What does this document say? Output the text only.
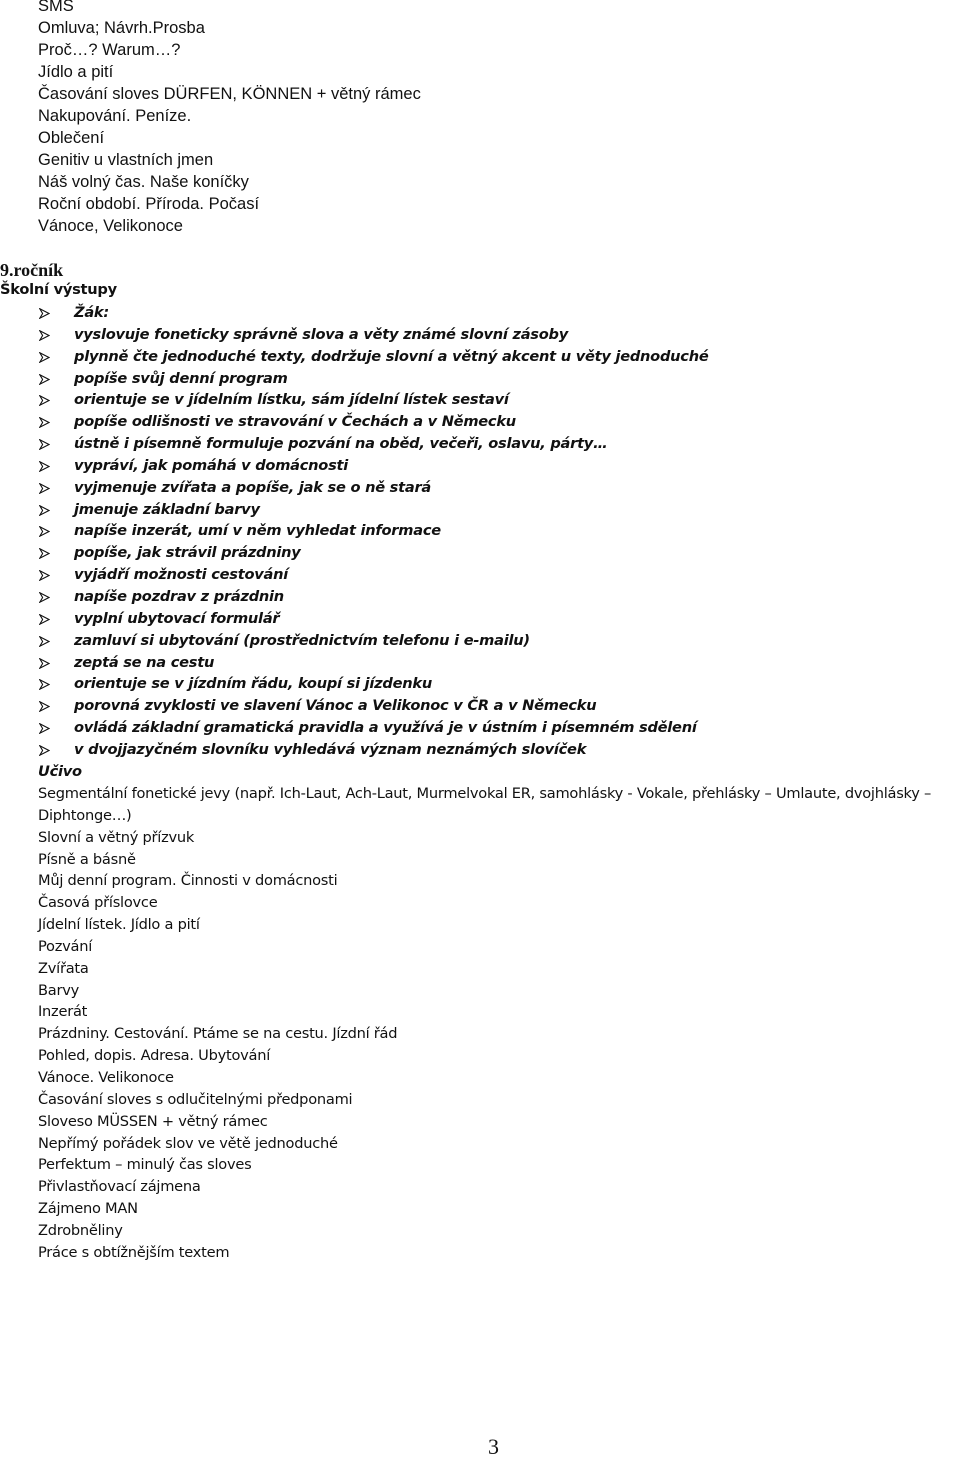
SMS
Omluva; Návrh.Prosba
Proč…? Warum…?
Jídlo a pití
Časování sloves DÜRFEN, KÖNNEN + větný rámec
Nakupování. Peníze.
Oblečení
Genitiv u vlastních jmen
Náš volný čas. Naše koníčky
Roční období. Příroda. Počasí
Vánoce, Velikonoce
9.ročník
Školní výstupy
Žák:
vyslovuje foneticky správně slova a věty známé slovní zásoby
plynně čte jednoduché texty, dodržuje slovní a větný akcent u věty jednoduché
popíše svůj denní program
orientuje se v jídelním lístku, sám jídelní lístek sestaví
popíše odlišnosti ve stravování v Čechách a v Německu
ústně i písemně formuluje pozvání na oběd, večeři, oslavu, párty…
vypráví, jak pomáhá v domácnosti
vyjmenuje zvířata a popíše, jak se o ně stará
jmenuje základní barvy
napíše inzerát, umí v něm vyhledat informace
popíše, jak strávil prázdniny
vyjádří možnosti cestování
napíše pozdrav z prázdnin
vyplní ubytovací formulář
zamluví si ubytování (prostřednictvím telefonu i e-mailu)
zeptá se na cestu
orientuje se v jízdním řádu, koupí si jízdenku
porovná zvyklosti ve slavení Vánoc a Velikonoc v ČR a v Německu
ovládá základní gramatická pravidla a využívá je v ústním i písemném sdělení
v dvojjazyčném slovníku vyhledává význam neznámých slovíček
Učivo
Segmentální fonetické jevy (např. Ich-Laut, Ach-Laut, Murmelvokal ER, samohlásky - Vokale, přehlásky – Umlaute, dvojhlásky – Diphtonge…)
Slovní a větný přízvuk
Písně a básně
Můj denní program. Činnosti v domácnosti
Časová příslovce
Jídelní lístek. Jídlo a pití
Pozvání
Zvířata
Barvy
Inzerát
Prázdniny. Cestování. Ptáme se na cestu. Jízdní řád
Pohled, dopis. Adresa. Ubytování
Vánoce. Velikonoce
Časování sloves s odlučitelnými předponami
Sloveso MÜSSEN + větný rámec
Nepřímý pořádek slov ve větě jednoduché
Perfektum – minulý čas sloves
Přivlastňovací zájmena
Zájmeno MAN
Zdrobněliny
Práce s obtížnějším textem
3
